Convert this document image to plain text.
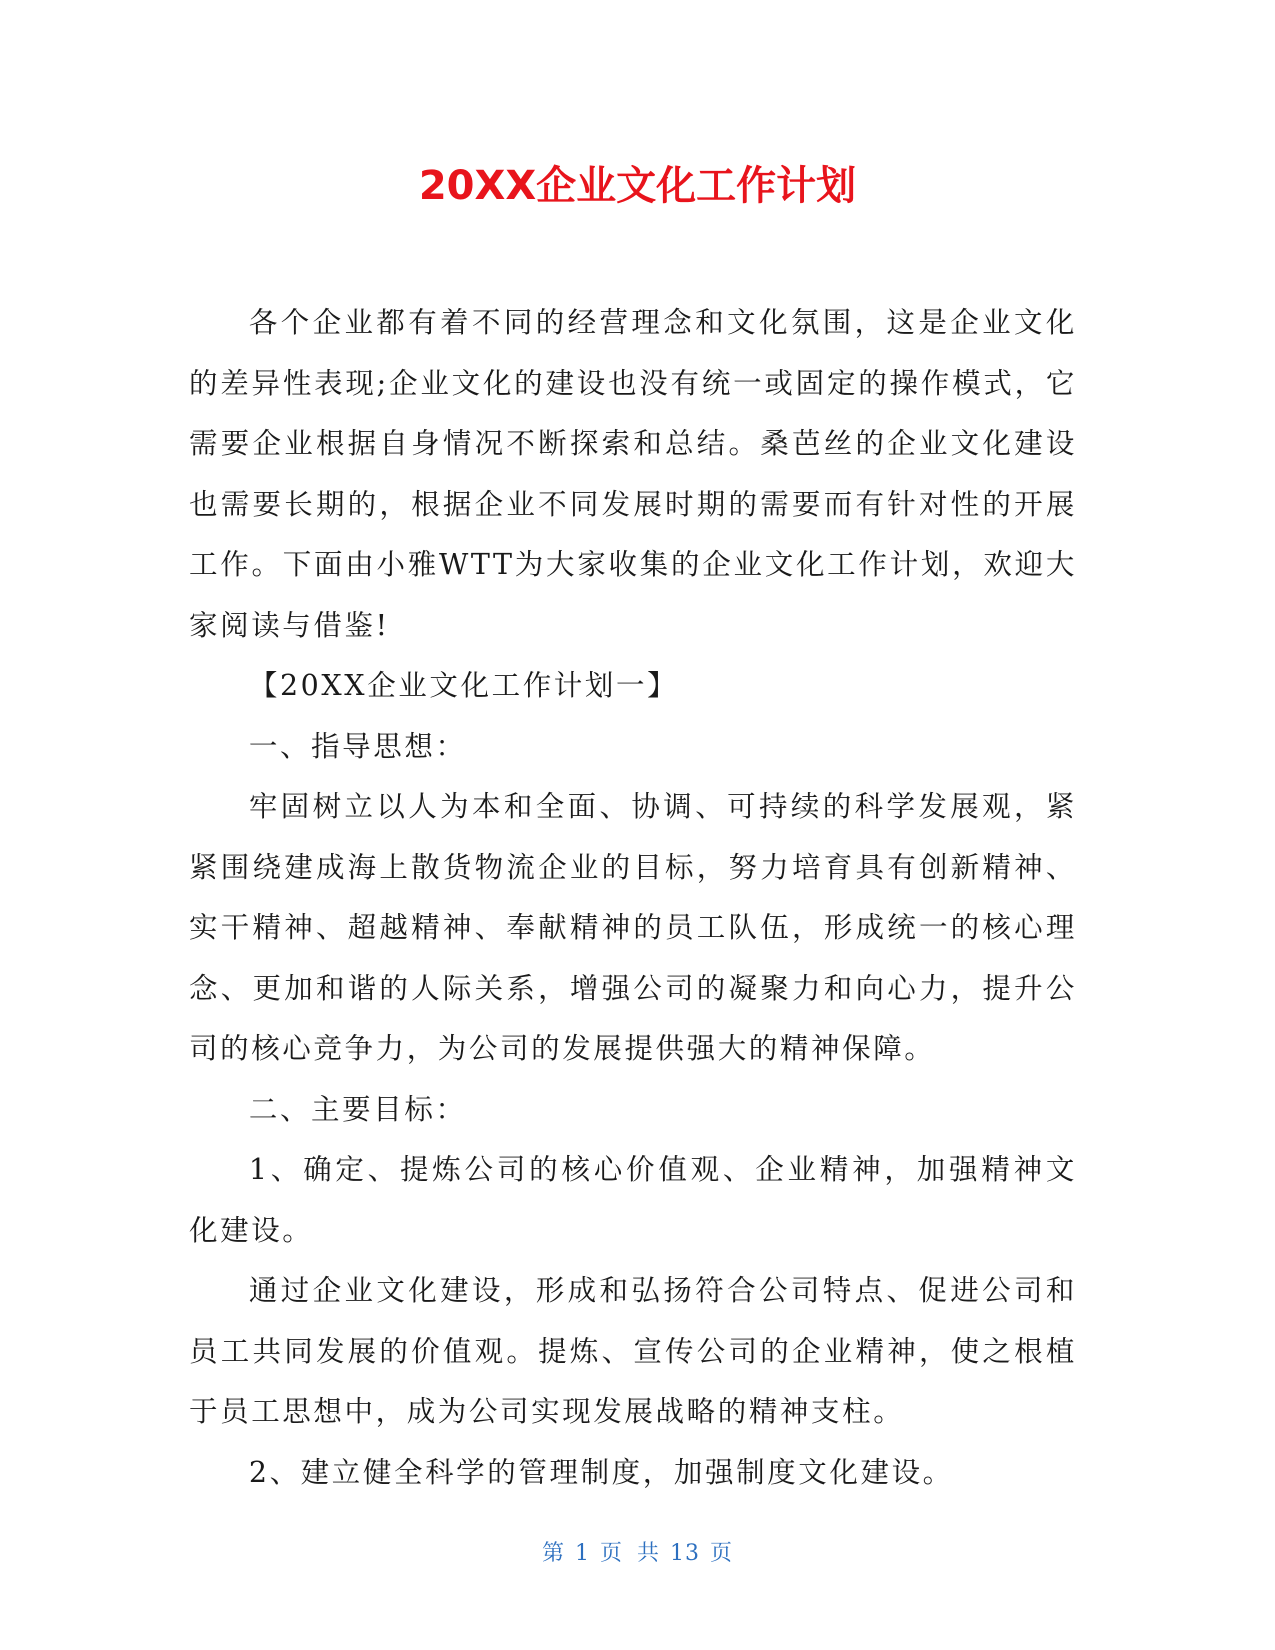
20XX企业文化工作计划

各个企业都有着不同的经营理念和文化氛围，这是企业文化的差异性表现;企业文化的建设也没有统一或固定的操作模式，它需要企业根据自身情况不断探索和总结。桑芭丝的企业文化建设也需要长期的，根据企业不同发展时期的需要而有针对性的开展工作。下面由小雅WTT为大家收集的企业文化工作计划，欢迎大家阅读与借鉴!

【20XX企业文化工作计划一】

一、指导思想：

牢固树立以人为本和全面、协调、可持续的科学发展观，紧紧围绕建成海上散货物流企业的目标，努力培育具有创新精神、实干精神、超越精神、奉献精神的员工队伍，形成统一的核心理念、更加和谐的人际关系，增强公司的凝聚力和向心力，提升公司的核心竞争力，为公司的发展提供强大的精神保障。

二、主要目标：

1、确定、提炼公司的核心价值观、企业精神，加强精神文化建设。

通过企业文化建设，形成和弘扬符合公司特点、促进公司和员工共同发展的价值观。提炼、宣传公司的企业精神，使之根植于员工思想中，成为公司实现发展战略的精神支柱。

2、建立健全科学的管理制度，加强制度文化建设。

第 1 页 共 13 页
